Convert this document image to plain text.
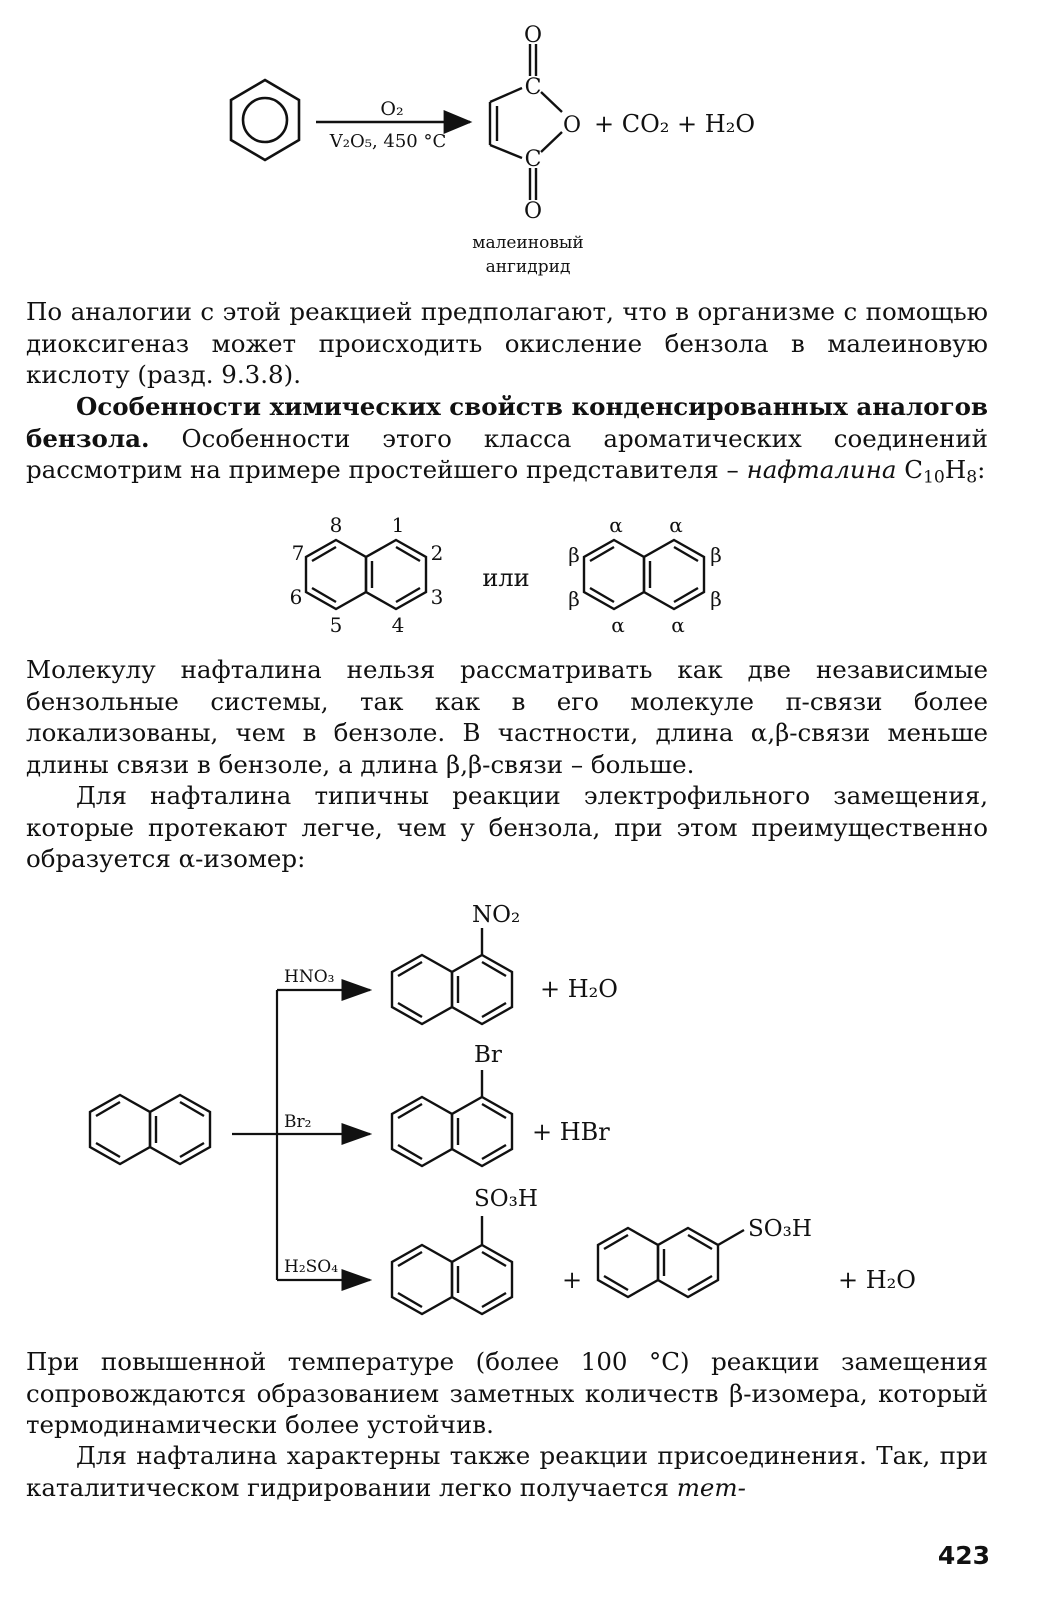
O₂
V₂O₅, 450 °C
O
C
O
C
O
+ CO₂ + H₂O
малеиновый
ангидрид

По аналогии с этой реакцией предполагают, что в организме с помощью диоксигеназ может происходить окисление бензола в малеиновую кислоту (разд. 9.3.8).

Особенности химических свойств конденсированных аналогов бензола. Особенности этого класса ароматических соединений рассмотрим на примере простейшего представителя – нафталина $C_{10}H_8$:

8 1
7	2
6	3
5 4
или
α α
β	β
β	β
α α

Молекулу нафталина нельзя рассматривать как две независимые бензольные системы, так как в его молекуле π-связи более локализованы, чем в бензоле. В частности, длина α,β-связи меньше длины связи в бензоле, а длина β,β-связи – больше.

Для нафталина типичны реакции электрофильного замещения, которые протекают легче, чем у бензола, при этом преимущественно образуется α-изомер:

HNO₃
Br₂
H₂SO₄
NO₂
+ H₂O
Br
+ HBr
SO₃H
+
SO₃H
+ H₂O

При повышенной температуре (более 100 °C) реакции замещения сопровождаются образованием заметных количеств β-изомера, который термодинамически более устойчив.

Для нафталина характерны также реакции присоединения. Так, при каталитическом гидрировании легко получается тет-

423
